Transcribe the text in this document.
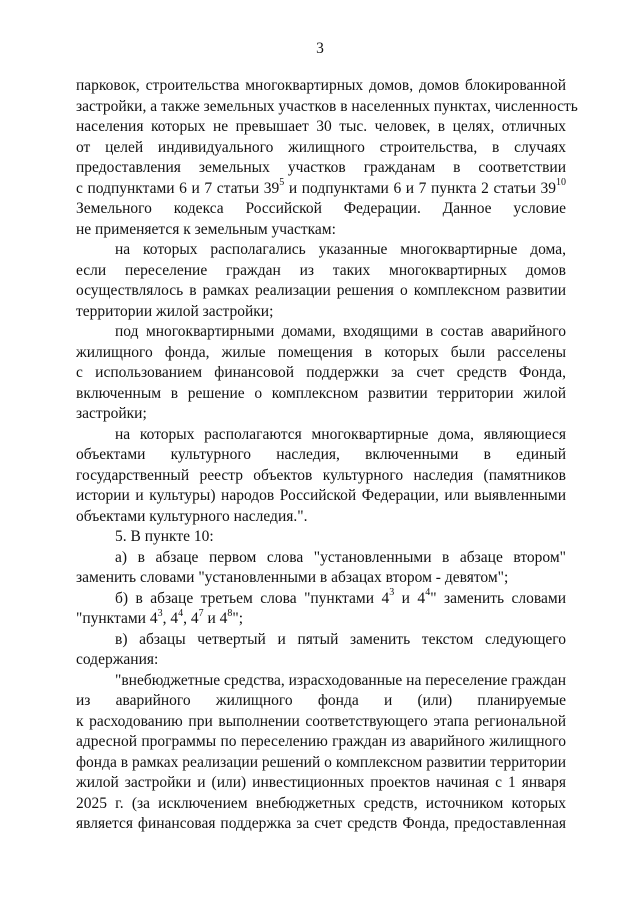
3
парковок, строительства многоквартирных домов, домов блокированной
застройки, а также земельных участков в населенных пунктах, численность
населения которых не превышает 30 тыс. человек, в целях, отличных
от целей индивидуального жилищного строительства, в случаях
предоставления земельных участков гражданам в соответствии
с подпунктами 6 и 7 статьи $39^5$ и подпунктами 6 и 7 пункта 2 статьи $39^{10}$
Земельного кодекса Российской Федерации. Данное условие
не применяется к земельным участкам:
на которых располагались указанные многоквартирные дома,
если переселение граждан из таких многоквартирных домов
осуществлялось в рамках реализации решения о комплексном развитии
территории жилой застройки;
под многоквартирными домами, входящими в состав аварийного
жилищного фонда, жилые помещения в которых были расселены
с использованием финансовой поддержки за счет средств Фонда,
включенным в решение о комплексном развитии территории жилой
застройки;
на которых располагаются многоквартирные дома, являющиеся
объектами культурного наследия, включенными в единый
государственный реестр объектов культурного наследия (памятников
истории и культуры) народов Российской Федерации, или выявленными
объектами культурного наследия.".
5. В пункте 10:
а) в абзаце первом слова "установленными в абзаце втором"
заменить словами "установленными в абзацах втором - девятом";
б) в абзаце третьем слова "пунктами $4^3$ и $4^4$" заменить словами
"пунктами $4^3$, $4^4$, $4^7$ и $4^8$";
в) абзацы четвертый и пятый заменить текстом следующего
содержания:
"внебюджетные средства, израсходованные на переселение граждан
из аварийного жилищного фонда и (или) планируемые
к расходованию при выполнении соответствующего этапа региональной
адресной программы по переселению граждан из аварийного жилищного
фонда в рамках реализации решений о комплексном развитии территории
жилой застройки и (или) инвестиционных проектов начиная с 1 января
2025 г. (за исключением внебюджетных средств, источником которых
является финансовая поддержка за счет средств Фонда, предоставленная
